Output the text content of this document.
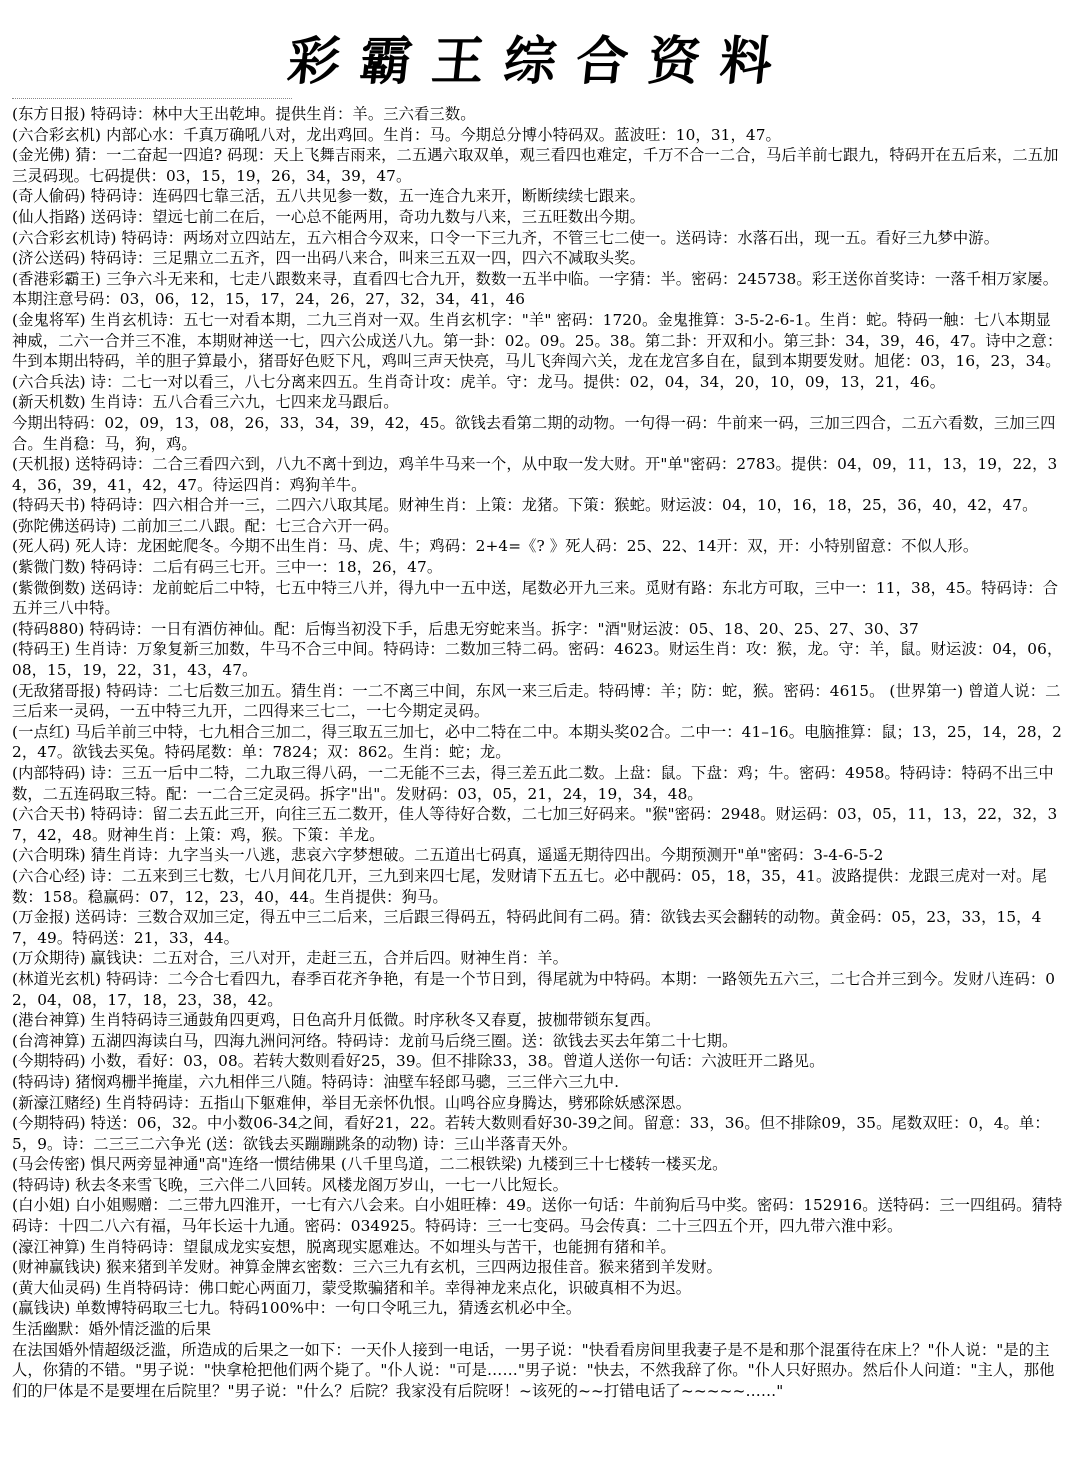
彩霸王综合资料

(东方日报) 特码诗：林中大王出乾坤。提供生肖：羊。三六看三数。

(六合彩玄机) 内部心水：千真万确吼八对，龙出鸡回。生肖：马。今期总分博小特码双。蓝波旺：10，31，47。

(金光佛) 猜：一二奋起一四追? 码现：天上飞舞吉雨来，二五遇六取双单，观三看四也难定，千万不合一二合，马后羊前七跟九，特码开在五后来，二五加三灵码现。七码提供：03，15，19，26，34，39，47。

(奇人偷码) 特码诗：连码四七靠三活，五八共见参一数，五一连合九来开，断断续续七跟来。

(仙人指路) 送码诗：望远七前二在后，一心总不能两用，奇功九数与八来，三五旺数出今期。

(六合彩玄机诗) 特码诗：两场对立四站左，五六相合今双来，口令一下三九齐，不管三七二使一。送码诗：水落石出，现一五。看好三九梦中游。

(济公送码) 特码诗：三足鼎立二五齐，四一出码八来合，叫来三五双一四，四六不减取头奖。

(香港彩霸王) 三争六斗无来和，七走八跟数来寻，直看四七合九开，数数一五半中临。一字猜：半。密码：245738。彩王送你首奖诗：一落千相万家屡。本期注意号码：03，06，12，15，17，24，26，27，32，34，41，46

(金鬼将军) 生肖玄机诗：五七一对看本期，二九三肖对一双。生肖玄机字："羊" 密码：1720。金鬼推算：3-5-2-6-1。生肖：蛇。特码一触：七八本期显神威，二六一合并三不准，本期财神送一七，四六公成送八九。第一卦：02。09。25。38。第二卦：开双和小。第三卦：34，39，46，47。诗中之意：牛到本期出特码，羊的胆子算最小，猪哥好色贬下凡，鸡叫三声天快亮，马儿飞奔闯六关，龙在龙宫多自在，鼠到本期要发财。旭佬：03，16，23，34。

(六合兵法) 诗：二七一对以看三，八七分离来四五。生肖奇计攻：虎羊。守：龙马。提供：02，04，34，20，10，09，13，21，46。

(新天机数) 生肖诗：五八合看三六九，七四来龙马跟后。

今期出特码：02，09，13，08，26，33，34，39，42，45。欲钱去看第二期的动物。一句得一码：牛前来一码，三加三四合，二五六看数，三加三四合。生肖稳：马，狗，鸡。

(天机报) 送特码诗：二合三看四六到，八九不离十到边，鸡羊牛马来一个，从中取一发大财。开"单"密码：2783。提供：04，09，11，13，19，22，34，36，39，41，42，47。待运四肖：鸡狗羊牛。

(特码天书) 特码诗：四六相合并一三，二四六八取其尾。财神生肖：上策：龙猪。下策：猴蛇。财运波：04，10，16，18，25，36，40，42，47。

(弥陀佛送码诗) 二前加三二八跟。配：七三合六开一码。

(死人码) 死人诗：龙困蛇爬冬。今期不出生肖：马、虎、牛；鸡码：2+4=《? 》死人码：25、22、14开：双，开：小特别留意：不似人形。

(紫微门数) 特码诗：二后有码三七开。三中一：18，26，47。

(紫微倒数) 送码诗：龙前蛇后二中特，七五中特三八并，得九中一五中送，尾数必开九三来。觅财有路：东北方可取，三中一：11，38，45。特码诗：合五并三八中特。

(特码880) 特码诗：一日有酒仿神仙。配：后悔当初没下手，后患无穷蛇来当。拆字："酒"财运波：05、18、20、25、27、30、37

(特码王) 生肖诗：万象复新三加数，牛马不合三中间。特码诗：二数加三特二码。密码：4623。财运生肖：攻：猴，龙。守：羊，鼠。财运波：04，06，08，15，19，22，31，43，47。

(无敌猪哥报) 特码诗：二七后数三加五。猜生肖：一二不离三中间，东风一来三后走。特码博：羊；防：蛇，猴。密码：4615。 (世界第一) 曾道人说：二三后来一灵码，一五中特三九开，二四得来三七二，一七今期定灵码。

(一点红) 马后羊前三中特，七九相合三加二，得三取五三加七，必中二特在二中。本期头奖02合。二中一：41–16。电脑推算：鼠；13，25，14，28，22，47。欲钱去买兔。特码尾数：单：7824；双：862。生肖：蛇；龙。

(内部特码) 诗：三五一后中二特，二九取三得八码，一二无能不三去，得三差五此二数。上盘：鼠。下盘：鸡；牛。密码：4958。特码诗：特码不出三中数，二五连码取三特。配：一二合三定灵码。拆字"出"。发财码：03，05，21，24，19，34，48。

(六合天书) 特码诗：留二去五此三开，向往三五二数开，佳人等待好合数，二七加三好码来。"猴"密码：2948。财运码：03，05，11，13，22，32，37，42，48。财神生肖：上策：鸡，猴。下策：羊龙。

(六合明珠) 猜生肖诗：九字当头一八逃，悲哀六字梦想破。二五道出七码真，遥遥无期待四出。今期预测开"单"密码：3-4-6-5-2

(六合心经) 诗：二五来到三七数，七八月间花几开，三九到来四七尾，发财请下五五七。必中靓码：05，18，35，41。波路提供：龙跟三虎对一对。尾数：158。稳赢码：07，12，23，40，44。生肖提供：狗马。

(万金报) 送码诗：三数合双加三定，得五中三二后来，三后跟三得码五，特码此间有二码。猜：欲钱去买会翻转的动物。黄金码：05，23，33，15，47，49。特码送：21，33，44。

(万众期待) 赢钱诀：二五对合，三八对开，走赶三五，合并后四。财神生肖：羊。

(林道光玄机) 特码诗：二今合七看四九，春季百花齐争艳，有是一个节日到，得尾就为中特码。本期：一路领先五六三，二七合并三到今。发财八连码：02，04，08，17，18，23，38，42。

(港台神算) 生肖特码诗三通鼓角四更鸡，日色高升月低微。时序秋冬又春夏，披枷带锁东复西。

(台湾神算) 五湖四海读白马，四海九洲问河络。特码诗：龙前马后绕三圈。送：欲钱去买去年第二十七期。

(今期特码) 小数，看好：03，08。若转大数则看好25，39。但不排除33，38。曾道人送你一句话：六波旺开二路见。

(特码诗) 猪悯鸡栅半掩崖，六九相伴三八随。特码诗：油壁车轻郎马骢，三三伴六三九中.

(新濠江赌经) 生肖特码诗：五指山下躯难伸，举目无亲怀仇恨。山鸣谷应身腾达，劈邪除妖感深恩。

(今期特码) 特送：06，32。中小数06-34之间，看好21，22。若转大数则看好30-39之间。留意：33，36。但不排除09，35。尾数双旺：0，4。单：5，9。诗：二三三二六争光 (送：欲钱去买蹦蹦跳条的动物) 诗：三山半落青天外。

(马会传密) 惧尺两旁显神通"高"连络一惯结佛果 (八千里鸟道，二二根铁梁) 九楼到三十七楼转一楼买龙。

(特码诗) 秋去冬来雪飞晚，三六伴二八回转。风楼龙阁万岁山，一七一八比短长。

(白小姐) 白小姐赐赠：二三带九四淮开，一七有六八会来。白小姐旺棒：49。送你一句话：牛前狗后马中奖。密码：152916。送特码：三一四组码。猜特码诗：十四二八六有福，马年长运十九通。密码：034925。特码诗：三一七变码。马会传真：二十三四五个开，四九带六淮中彩。

(濠江神算) 生肖特码诗：望鼠成龙实妄想，脱离现实愿难达。不如埋头与苦干，也能拥有猪和羊。

(财神赢钱诀) 猴来猪到羊发财。神算金牌玄密数：三六三九有玄机，三四两边报佳音。猴来猪到羊发财。

(黄大仙灵码) 生肖特码诗：佛口蛇心两面刀，蒙受欺骗猪和羊。幸得神龙来点化，识破真相不为迟。

(赢钱诀) 单数博特码取三七九。特码100%中：一句口令吼三九，猜透玄机必中全。

生活幽默：婚外情泛滥的后果

在法国婚外情超级泛滥，所造成的后果之一如下：一天仆人接到一电话，一男子说："快看看房间里我妻子是不是和那个混蛋待在床上？"仆人说："是的主人，你猜的不错。"男子说："快拿枪把他们两个毙了。"仆人说："可是……"男子说："快去，不然我辞了你。"仆人只好照办。然后仆人问道："主人，那他们的尸体是不是要埋在后院里？"男子说："什么？后院？我家没有后院呀！~该死的~~打错电话了~~~~~……"
